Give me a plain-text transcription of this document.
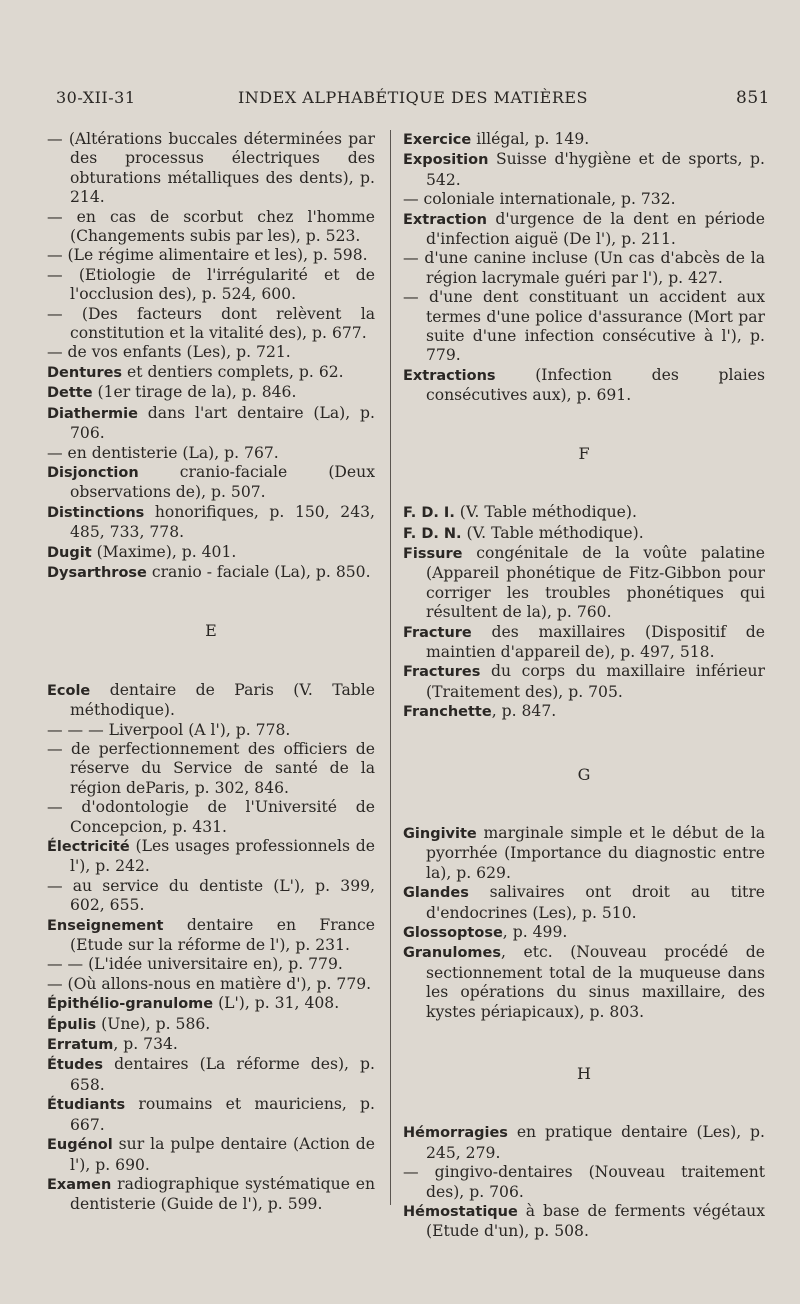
30-XII-31	INDEX ALPHABÉTIQUE DES MATIÈRES	851

— (Altérations buccales déterminées par des processus électriques des obturations métalliques des dents), p. 214.

— en cas de scorbut chez l'homme (Changements subis par les), p. 523.

— (Le régime alimentaire et les), p. 598.

— (Etiologie de l'irrégularité et de l'occlusion des), p. 524, 600.

— (Des facteurs dont relèvent la constitution et la vitalité des), p. 677.

— de vos enfants (Les), p. 721.

Dentures et dentiers complets, p. 62.

Dette (1er tirage de la), p. 846.

Diathermie dans l'art dentaire (La), p. 706.

— en dentisterie (La), p. 767.

Disjonction cranio-faciale (Deux observations de), p. 507.

Distinctions honorifiques, p. 150, 243, 485, 733, 778.

Dugit (Maxime), p. 401.

Dysarthrose cranio - faciale (La), p. 850.

E

Ecole dentaire de Paris (V. Table méthodique).

— — — Liverpool (A l'), p. 778.

— de perfectionnement des officiers de réserve du Service de santé de la région deParis, p. 302, 846.

— d'odontologie de l'Université de Concepcion, p. 431.

Électricité (Les usages professionnels de l'), p. 242.

— au service du dentiste (L'), p. 399, 602, 655.

Enseignement dentaire en France (Etude sur la réforme de l'), p. 231.

— — (L'idée universitaire en), p. 779.

— (Où allons-nous en matière d'), p. 779.

Épithélio-granulome (L'), p. 31, 408.

Épulis (Une), p. 586.

Erratum, p. 734.

Études dentaires (La réforme des), p. 658.

Étudiants roumains et mauriciens, p. 667.

Eugénol sur la pulpe dentaire (Action de l'), p. 690.

Examen radiographique systématique en dentisterie (Guide de l'), p. 599.

Exercice illégal, p. 149.

Exposition Suisse d'hygiène et de sports, p. 542.

— coloniale internationale, p. 732.

Extraction d'urgence de la dent en période d'infection aiguë (De l'), p. 211.

— d'une canine incluse (Un cas d'abcès de la région lacrymale guéri par l'), p. 427.

— d'une dent constituant un accident aux termes d'une police d'assurance (Mort par suite d'une infection consécutive à l'), p. 779.

Extractions (Infection des plaies consécutives aux), p. 691.

F

F. D. I. (V. Table méthodique).

F. D. N. (V. Table méthodique).

Fissure congénitale de la voûte palatine (Appareil phonétique de Fitz-Gibbon pour corriger les troubles phonétiques qui résultent de la), p. 760.

Fracture des maxillaires (Dispositif de maintien d'appareil de), p. 497, 518.

Fractures du corps du maxillaire inférieur (Traitement des), p. 705.

Franchette, p. 847.

G

Gingivite marginale simple et le début de la pyorrhée (Importance du diagnostic entre la), p. 629.

Glandes salivaires ont droit au titre d'endocrines (Les), p. 510.

Glossoptose, p. 499.

Granulomes, etc. (Nouveau procédé de sectionnement total de la muqueuse dans les opérations du sinus maxillaire, des kystes périapicaux), p. 803.

H

Hémorragies en pratique dentaire (Les), p. 245, 279.

— gingivo-dentaires (Nouveau traitement des), p. 706.

Hémostatique à base de ferments végétaux (Etude d'un), p. 508.
